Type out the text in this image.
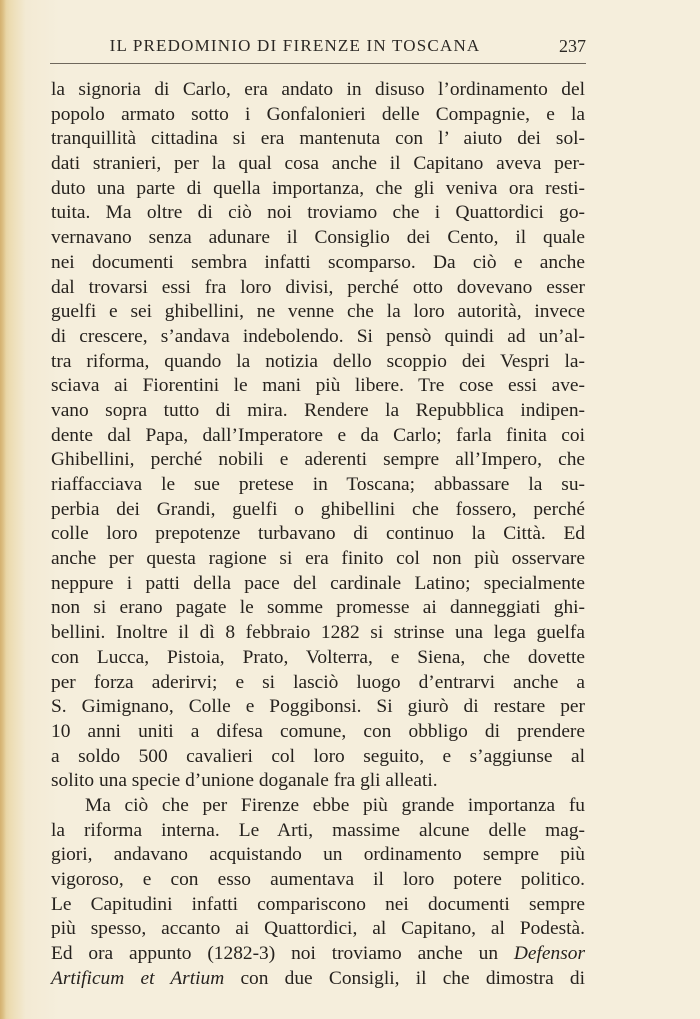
IL PREDOMINIO DI FIRENZE IN TOSCANA	237
la signoria di Carlo, era andato in disuso l’ordinamento del
popolo armato sotto i Gonfalonieri delle Compagnie, e la
tranquillità cittadina si era mantenuta con l’ aiuto dei sol-
dati stranieri, per la qual cosa anche il Capitano aveva per-
duto una parte di quella importanza, che gli veniva ora resti-
tuita. Ma oltre di ciò noi troviamo che i Quattordici go-
vernavano senza adunare il Consiglio dei Cento, il quale
nei documenti sembra infatti scomparso. Da ciò e anche
dal trovarsi essi fra loro divisi, perché otto dovevano esser
guelfi e sei ghibellini, ne venne che la loro autorità, invece
di crescere, s’andava indebolendo. Si pensò quindi ad un’al-
tra riforma, quando la notizia dello scoppio dei Vespri la-
sciava ai Fiorentini le mani più libere. Tre cose essi ave-
vano sopra tutto di mira. Rendere la Repubblica indipen-
dente dal Papa, dall’Imperatore e da Carlo; farla finita coi
Ghibellini, perché nobili e aderenti sempre all’Impero, che
riaffacciava le sue pretese in Toscana; abbassare la su-
perbia dei Grandi, guelfi o ghibellini che fossero, perché
colle loro prepotenze turbavano di continuo la Città. Ed
anche per questa ragione si era finito col non più osservare
neppure i patti della pace del cardinale Latino; specialmente
non si erano pagate le somme promesse ai danneggiati ghi-
bellini. Inoltre il dì 8 febbraio 1282 si strinse una lega guelfa
con Lucca, Pistoia, Prato, Volterra, e Siena, che dovette
per forza aderirvi; e si lasciò luogo d’entrarvi anche a
S. Gimignano, Colle e Poggibonsi. Si giurò di restare per
10 anni uniti a difesa comune, con obbligo di prendere
a soldo 500 cavalieri col loro seguito, e s’aggiunse al
solito una specie d’unione doganale fra gli alleati.
Ma ciò che per Firenze ebbe più grande importanza fu
la riforma interna. Le Arti, massime alcune delle mag-
giori, andavano acquistando un ordinamento sempre più
vigoroso, e con esso aumentava il loro potere politico.
Le Capitudini infatti compariscono nei documenti sempre
più spesso, accanto ai Quattordici, al Capitano, al Podestà.
Ed ora appunto (1282-3) noi troviamo anche un Defensor
Artificum et Artium con due Consigli, il che dimostra di
